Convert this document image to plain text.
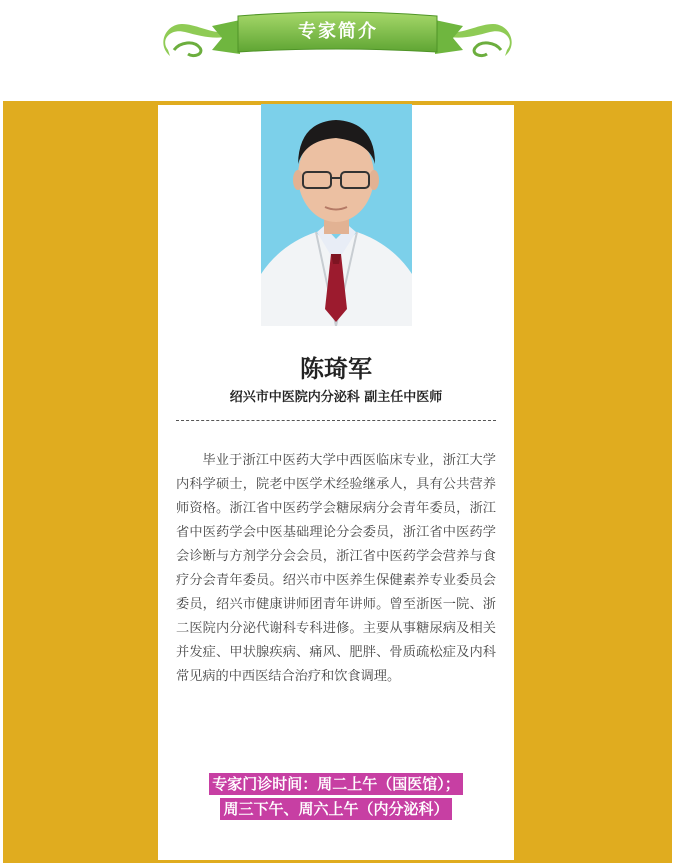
专家简介
陈琦军
绍兴市中医院内分泌科 副主任中医师
毕业于浙江中医药大学中西医临床专业，浙江大学内科学硕士，院老中医学术经验继承人，具有公共营养师资格。浙江省中医药学会糖尿病分会青年委员，浙江省中医药学会中医基础理论分会委员，浙江省中医药学会诊断与方剂学分会会员，浙江省中医药学会营养与食疗分会青年委员。绍兴市中医养生保健素养专业委员会委员，绍兴市健康讲师团青年讲师。曾至浙医一院、浙二医院内分泌代谢科专科进修。主要从事糖尿病及相关并发症、甲状腺疾病、痛风、肥胖、骨质疏松症及内科常见病的中西医结合治疗和饮食调理。
专家门诊时间：周二上午（国医馆）；
周三下午、周六上午（内分泌科）
